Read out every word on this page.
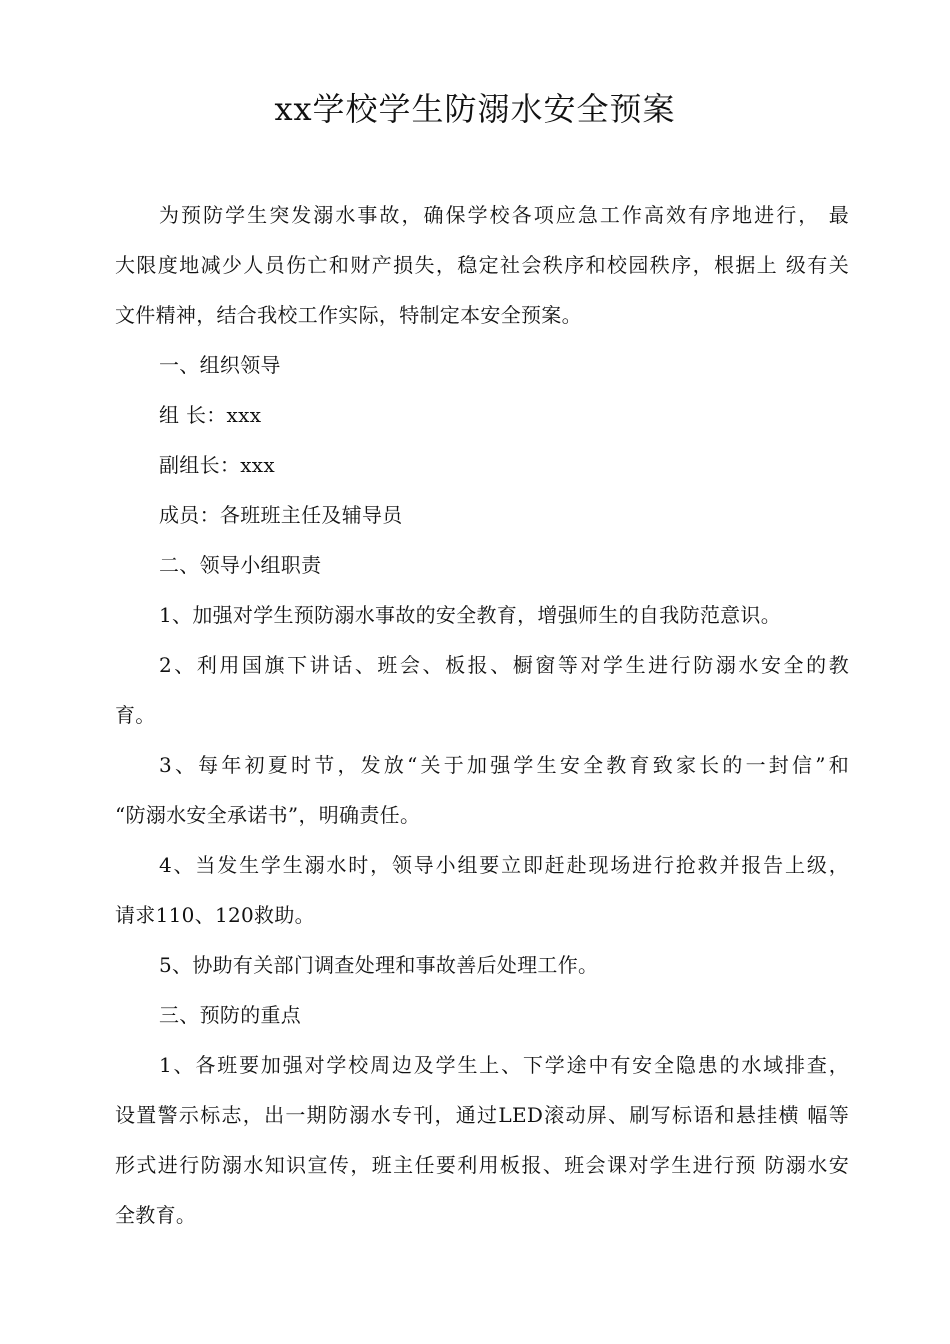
xx学校学生防溺水安全预案
为预防学生突发溺水事故，确保学校各项应急工作高效有序地进行， 最
大限度地减少人员伤亡和财产损失，稳定社会秩序和校园秩序，根据上 级有关
文件精神，结合我校工作实际，特制定本安全预案。
一、组织领导
组 长：xxx
副组长：xxx
成员：各班班主任及辅导员
二、领导小组职责
1、加强对学生预防溺水事故的安全教育，增强师生的自我防范意识。
2、利用国旗下讲话、班会、板报、橱窗等对学生进行防溺水安全的教
育。
3、每年初夏时节，发放“关于加强学生安全教育致家长的一封信”和
“防溺水安全承诺书”，明确责任。
4、当发生学生溺水时，领导小组要立即赶赴现场进行抢救并报告上级，
请求110、120救助。
5、协助有关部门调查处理和事故善后处理工作。
三、预防的重点
1、各班要加强对学校周边及学生上、下学途中有安全隐患的水域排查，
设置警示标志，出一期防溺水专刊，通过LED滚动屏、刷写标语和悬挂横 幅等
形式进行防溺水知识宣传，班主任要利用板报、班会课对学生进行预 防溺水安
全教育。
